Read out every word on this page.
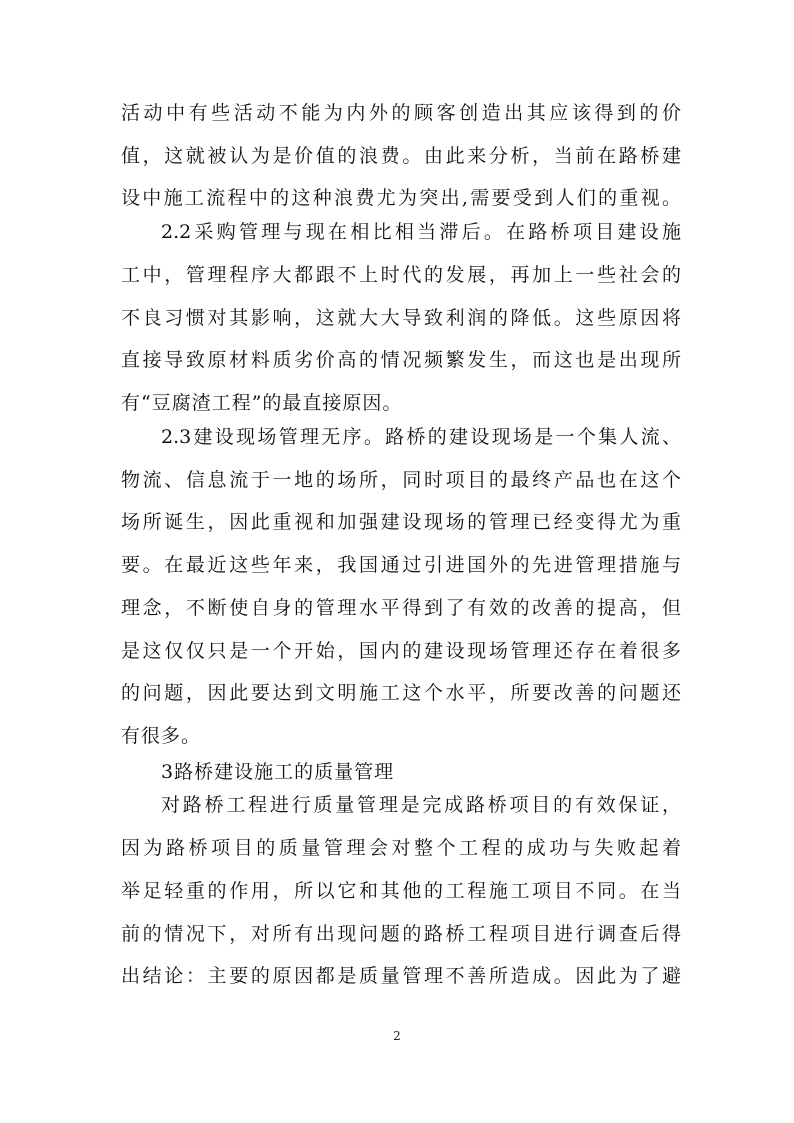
活动中有些活动不能为内外的顾客创造出其应该得到的价
值，这就被认为是价值的浪费。由此来分析，当前在路桥建
设中施工流程中的这种浪费尤为突出,需要受到人们的重视。
2.2采购管理与现在相比相当滞后。在路桥项目建设施
工中，管理程序大都跟不上时代的发展，再加上一些社会的
不良习惯对其影响，这就大大导致利润的降低。这些原因将
直接导致原材料质劣价高的情况频繁发生，而这也是出现所
有“豆腐渣工程”的最直接原因。
2.3建设现场管理无序。路桥的建设现场是一个集人流、
物流、信息流于一地的场所，同时项目的最终产品也在这个
场所诞生，因此重视和加强建设现场的管理已经变得尤为重
要。在最近这些年来，我国通过引进国外的先进管理措施与
理念，不断使自身的管理水平得到了有效的改善的提高，但
是这仅仅只是一个开始，国内的建设现场管理还存在着很多
的问题，因此要达到文明施工这个水平，所要改善的问题还
有很多。
3路桥建设施工的质量管理
对路桥工程进行质量管理是完成路桥项目的有效保证，
因为路桥项目的质量管理会对整个工程的成功与失败起着
举足轻重的作用，所以它和其他的工程施工项目不同。在当
前的情况下，对所有出现问题的路桥工程项目进行调查后得
出结论：主要的原因都是质量管理不善所造成。因此为了避
2
